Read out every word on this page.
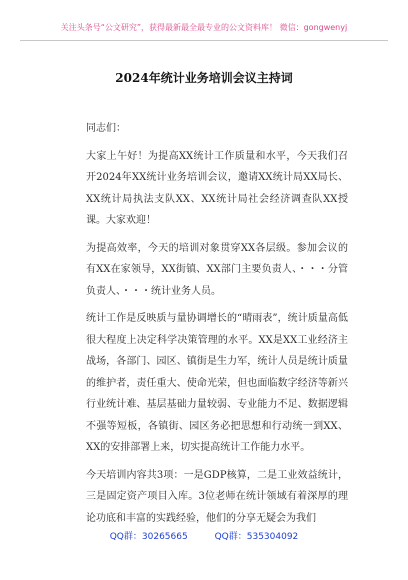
关注头条号“公文研究”，获得最新最全最专业的公文资料库！ 微信：gongwenyj
2024年统计业务培训会议主持词

同志们：

大家上午好！为提高XX统计工作质量和水平，今天我们召开2024年XX统计业务培训会议，邀请XX统计局XX局长、XX统计局执法支队XX、XX统计局社会经济调查队XX授课。大家欢迎！

为提高效率，今天的培训对象贯穿XX各层级。参加会议的有XX在家领导，XX街镇、XX部门主要负责人、・・・分管负责人、・・・统计业务人员。

统计工作是反映质与量协调增长的“晴雨表”，统计质量高低很大程度上决定科学决策管理的水平。XX是XX工业经济主战场，各部门、园区、镇街是生力军，统计人员是统计质量的维护者，责任重大、使命光荣，但也面临数字经济等新兴行业统计难、基层基础力量较弱、专业能力不足、数据逻辑不强等短板，各镇街、园区务必把思想和行动统一到XX、XX的安排部署上来，切实提高统计工作能力水平。

今天培训内容共3项：一是GDP核算，二是工业效益统计，三是固定资产项目入库。3位老师在统计领域有着深厚的理论功底和丰富的实践经验，他们的分享无疑会为我们

QQ群：30265665	QQ群：535304092
